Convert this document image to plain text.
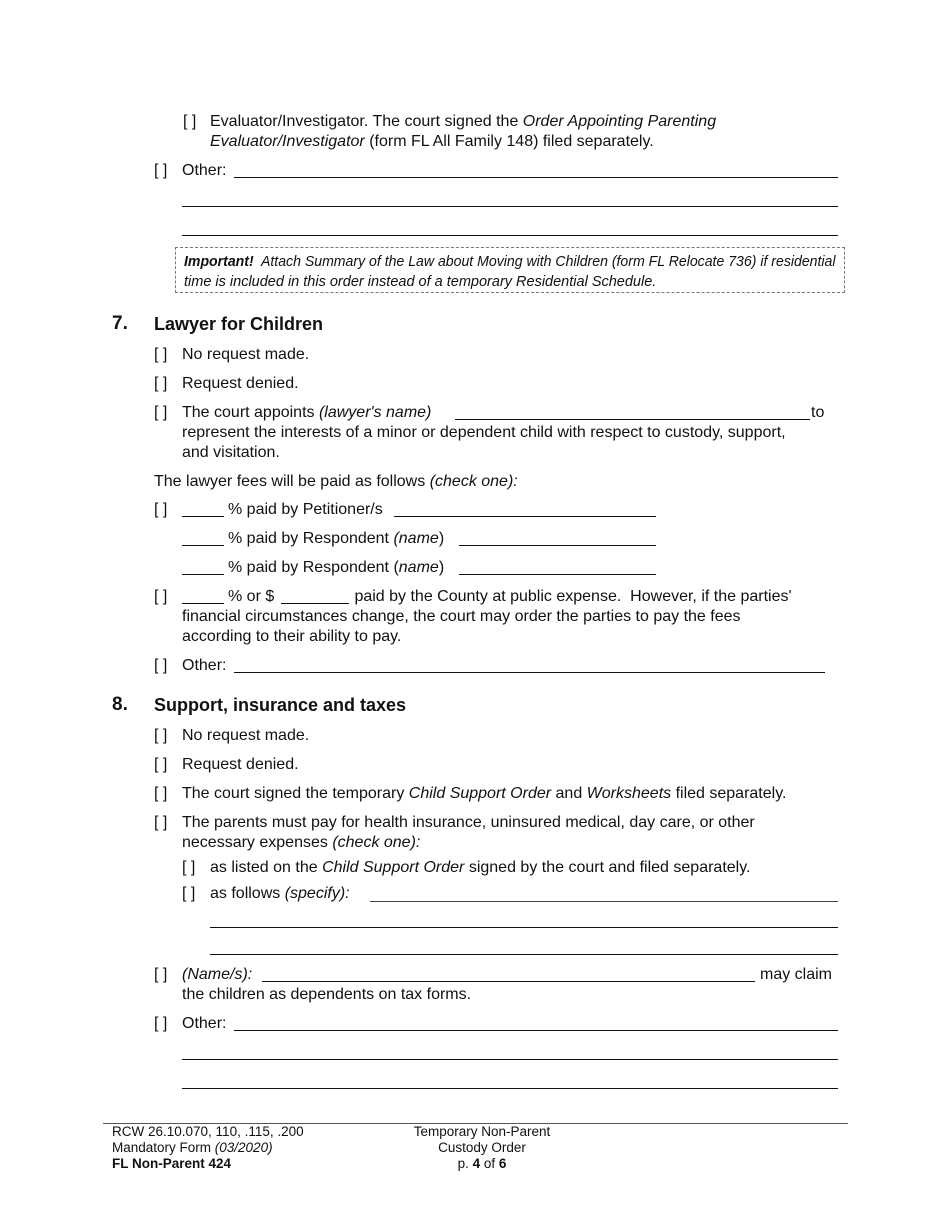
[ ] Evaluator/Investigator. The court signed the Order Appointing Parenting
Evaluator/Investigator (form FL All Family 148) filed separately.
[ ] Other:
Important! Attach Summary of the Law about Moving with Children (form FL Relocate 736) if residential
time is included in this order instead of a temporary Residential Schedule.
7. Lawyer for Children
[ ] No request made.
[ ] Request denied.
[ ] The court appoints (lawyer's name)	to
represent the interests of a minor or dependent child with respect to custody, support,
and visitation.
The lawyer fees will be paid as follows (check one):
[ ]	% paid by Petitioner/s
% paid by Respondent (name)
% paid by Respondent (name)
[ ]	% or $	paid by the County at public expense.  However, if the parties'
financial circumstances change, the court may order the parties to pay the fees
according to their ability to pay.
[ ] Other:
8. Support, insurance and taxes
[ ] No request made.
[ ] Request denied.
[ ] The court signed the temporary Child Support Order and Worksheets filed separately.
[ ] The parents must pay for health insurance, uninsured medical, day care, or other
necessary expenses (check one):
[ ] as listed on the Child Support Order signed by the court and filed separately.
[ ] as follows (specify):
[ ] (Name/s):	may claim
the children as dependents on tax forms.
[ ] Other:
RCW 26.10.070, 110, .115, .200
Mandatory Form (03/2020)
FL Non-Parent 424
Temporary Non-Parent
Custody Order
p. 4 of 6
